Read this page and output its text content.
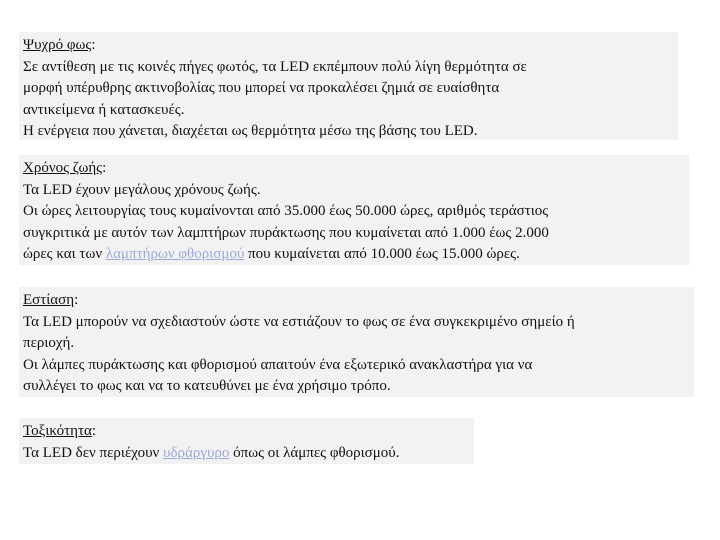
Ψυχρό φως:
Σε αντίθεση με τις κοινές πήγες φωτός, τα LED εκπέμπουν πολύ λίγη θερμότητα σε
μορφή υπέρυθρης ακτινοβολίας που μπορεί να προκαλέσει ζημιά σε ευαίσθητα
αντικείμενα ή κατασκευές.
Η ενέργεια που χάνεται, διαχέεται ως θερμότητα μέσω της βάσης του LED.
Χρόνος ζωής:
Τα LED έχουν μεγάλους χρόνους ζωής.
Οι ώρες λειτουργίας τους κυμαίνονται από 35.000 έως 50.000 ώρες, αριθμός τεράστιος
συγκριτικά με αυτόν των λαμπτήρων πυράκτωσης που κυμαίνεται από 1.000 έως 2.000
ώρες και των λαμπτήρων φθορισμού που κυμαίνεται από 10.000 έως 15.000 ώρες.
Εστίαση:
Τα LED μπορούν να σχεδιαστούν ώστε να εστιάζουν το φως σε ένα συγκεκριμένο σημείο ή
περιοχή.
Οι λάμπες πυράκτωσης και φθορισμού απαιτούν ένα εξωτερικό ανακλαστήρα για να
συλλέγει το φως και να το κατευθύνει με ένα χρήσιμο τρόπο.
Τοξικότητα:
Τα LED δεν περιέχουν υδράργυρο όπως οι λάμπες φθορισμού.
